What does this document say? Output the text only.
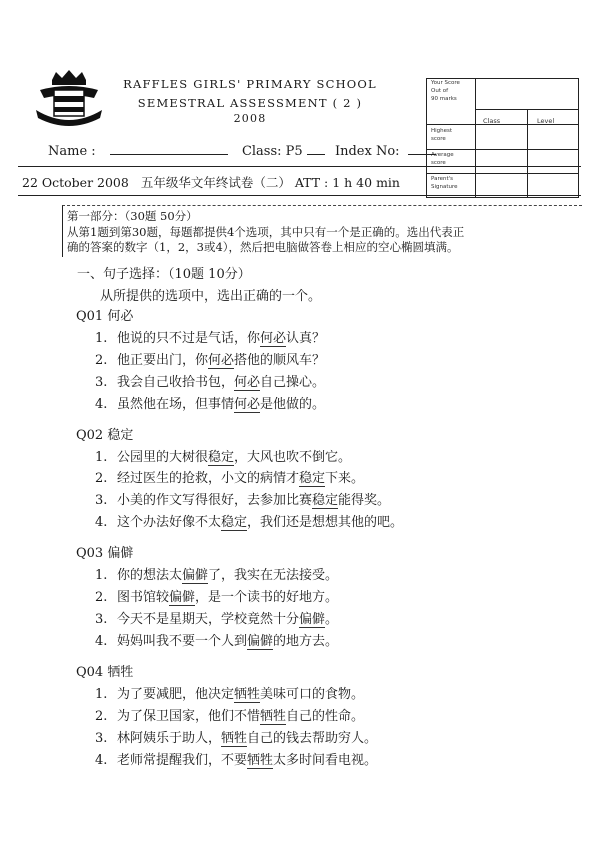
RAFFLES GIRLS' PRIMARY SCHOOL
SEMESTRAL ASSESSMENT ( 2 )
2008
Your Score
Out of
90 marks
Class	Level
Highest
score
Average
score
Parent's
Signature
Name :	Class: P5 Index No:
22 October 2008 五年级华文年终试卷（二） ATT : 1 h 40 min
第一部分：（30题 50分）
从第1题到第30题，每题都提供4个选项，其中只有一个是正确的。选出代表正
确的答案的数字（1，2，3或4），然后把电脑做答卷上相应的空心椭圆填满。
一、句子选择：（10题 10分）
从所提供的选项中，选出正确的一个。
Q01 何必
1. 他说的只不过是气话，你何必认真？
2. 他正要出门，你何必搭他的顺风车？
3. 我会自己收拾书包，何必自己操心。
4. 虽然他在场，但事情何必是他做的。
Q02 稳定
1. 公园里的大树很稳定，大风也吹不倒它。
2. 经过医生的抢救，小文的病情才稳定下来。
3. 小美的作文写得很好，去参加比赛稳定能得奖。
4. 这个办法好像不太稳定，我们还是想想其他的吧。
Q03 偏僻
1. 你的想法太偏僻了，我实在无法接受。
2. 图书馆较偏僻，是一个读书的好地方。
3. 今天不是星期天，学校竟然十分偏僻。
4. 妈妈叫我不要一个人到偏僻的地方去。
Q04 牺牲
1. 为了要减肥，他决定牺牲美味可口的食物。
2. 为了保卫国家，他们不惜牺牲自己的性命。
3. 林阿姨乐于助人，牺牲自己的钱去帮助穷人。
4. 老师常提醒我们，不要牺牲太多时间看电视。
